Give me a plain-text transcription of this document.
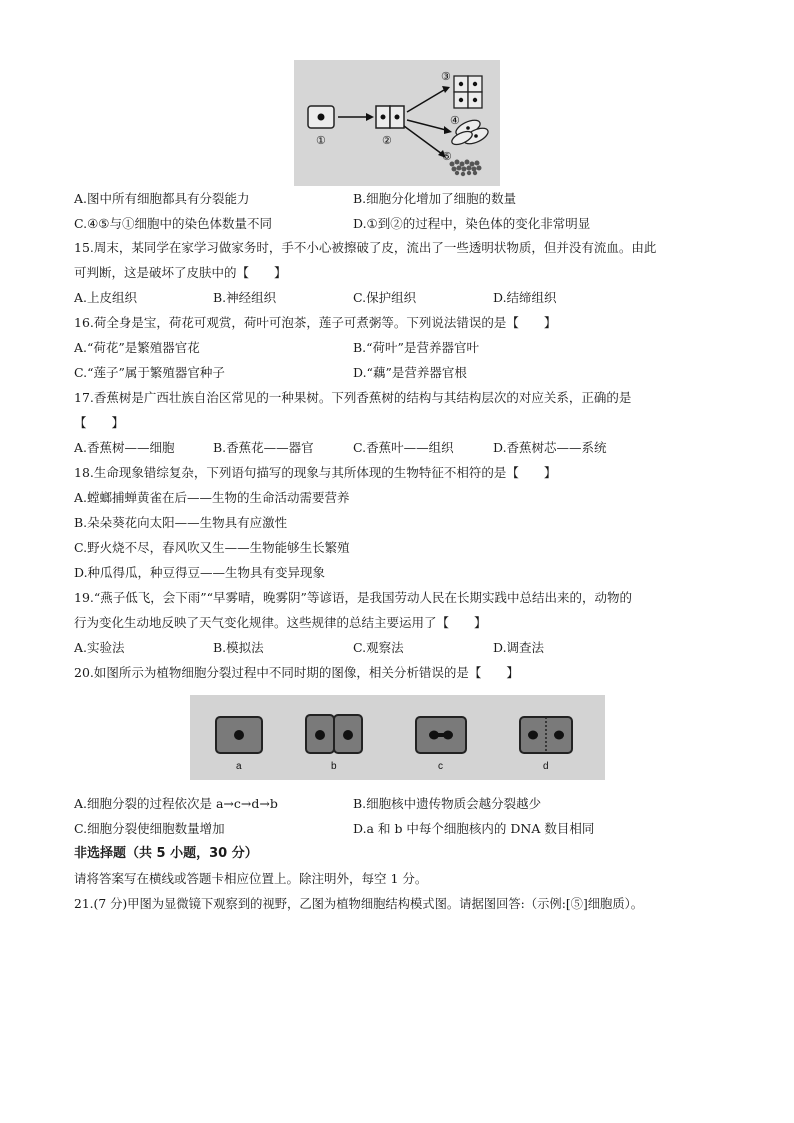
①	②
③
④
⑤
A.图中所有细胞都具有分裂能力	B.细胞分化增加了细胞的数量
C.④⑤与①细胞中的染色体数量不同	D.①到②的过程中，染色体的变化非常明显
15.周末，某同学在家学习做家务时，手不小心被擦破了皮，流出了一些透明状物质，但并没有流血。由此
可判断，这是破坏了皮肤中的【　　】
A.上皮组织	B.神经组织	C.保护组织	D.结缔组织
16.荷全身是宝，荷花可观赏，荷叶可泡茶，莲子可煮粥等。下列说法错误的是【　　】
A.“荷花”是繁殖器官花	B.“荷叶”是营养器官叶
C.“莲子”属于繁殖器官种子	D.“藕”是营养器官根
17.香蕉树是广西壮族自治区常见的一种果树。下列香蕉树的结构与其结构层次的对应关系，正确的是
【　　】
A.香蕉树——细胞	B.香蕉花——器官	C.香蕉叶——组织	D.香蕉树芯——系统
18.生命现象错综复杂，下列语句描写的现象与其所体现的生物特征不相符的是【　　】
A.螳螂捕蝉黄雀在后——生物的生命活动需要营养
B.朵朵葵花向太阳——生物具有应激性
C.野火烧不尽，春风吹又生——生物能够生长繁殖
D.种瓜得瓜，种豆得豆——生物具有变异现象
19.“燕子低飞，会下雨”“早雾晴，晚雾阴”等谚语，是我国劳动人民在长期实践中总结出来的，动物的
行为变化生动地反映了天气变化规律。这些规律的总结主要运用了【　　】
A.实验法	B.模拟法	C.观察法	D.调查法
20.如图所示为植物细胞分裂过程中不同时期的图像，相关分析错误的是【　　】
a	b	c	d
A.细胞分裂的过程依次是 a→c→d→b	B.细胞核中遗传物质会越分裂越少
C.细胞分裂使细胞数量增加	D.a 和 b 中每个细胞核内的 DNA 数目相同
非选择题（共 5 小题，30 分）
请将答案写在横线或答题卡相应位置上。除注明外，每空 1 分。
21.(7 分)甲图为显微镜下观察到的视野，乙图为植物细胞结构模式图。请据图回答:（示例:[⑤]细胞质）。
